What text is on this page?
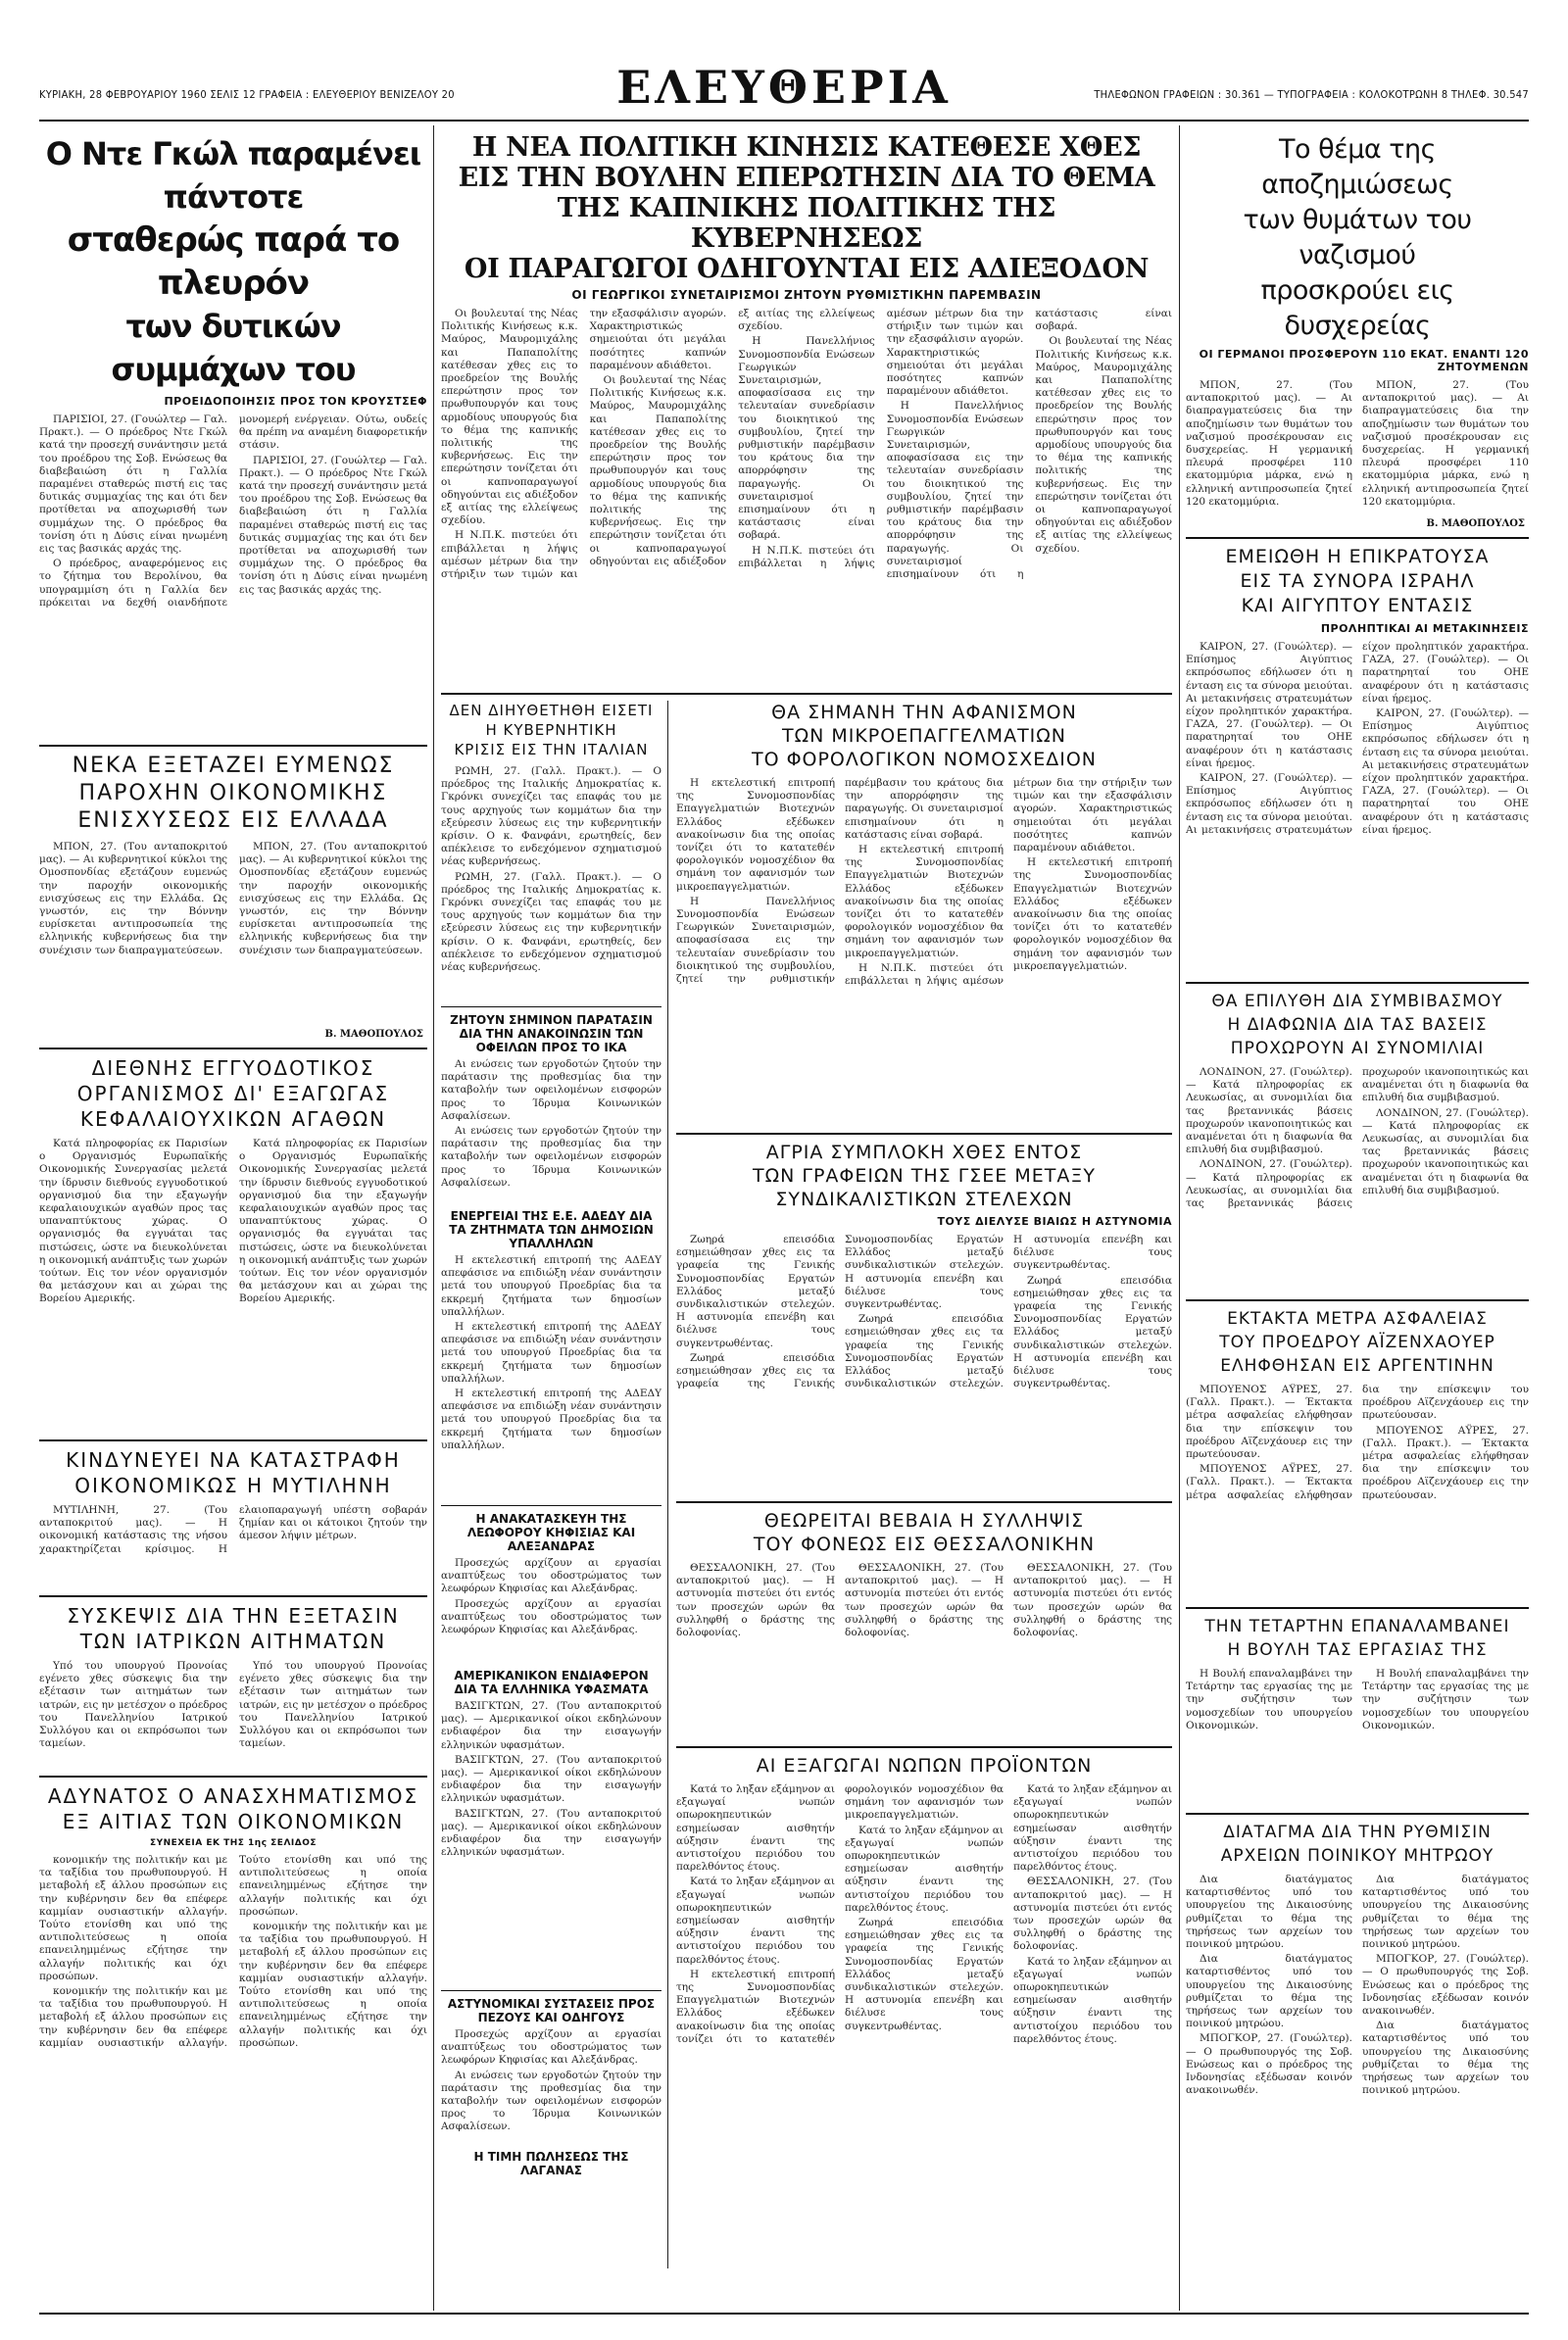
ΚΥΡΙΑΚΗ, 28 ΦΕΒΡΟΥΑΡΙΟΥ 1960 ΣΕΛΙΣ 12 ΓΡΑΦΕΙΑ : ΕΛΕΥΘΕΡΙΟΥ ΒΕΝΙΖΕΛΟΥ 20	ΕΛΕΥΘΕΡΙΑ	ΤΗΛΕΦΩΝΟΝ ΓΡΑΦΕΙΩΝ : 30.361 — ΤΥΠΟΓΡΑΦΕΙΑ : ΚΟΛΟΚΟΤΡΩΝΗ 8 ΤΗΛΕΦ. 30.547
Ο Ντε Γκώλ παραμένει πάντοτε
σταθερώς παρά το πλευρόν
των δυτικών συμμάχων του
ΠΡΟΕΙΔΟΠΟΙΗΣΙΣ ΠΡΟΣ ΤΟΝ ΚΡΟΥΣΤΣΕΦ

ΠΑΡΙΣΙΟΙ, 27. (Γουώλτερ — Γαλ. Πρακτ.). — Ο πρόεδρος Ντε Γκώλ κατά την προσεχή συνάντησιν μετά του προέδρου της Σοβ. Ενώσεως θα διαβεβαιώση ότι η Γαλλία παραμένει σταθερώς πιστή εις τας δυτικάς συμμαχίας της και ότι δεν προτίθεται να αποχωρισθή των συμμάχων της. Ο πρόεδρος θα τονίση ότι η Δύσις είναι ηνωμένη εις τας βασικάς αρχάς της.

Ο πρόεδρος, αναφερόμενος εις το ζήτημα του Βερολίνου, θα υπογραμμίση ότι η Γαλλία δεν πρόκειται να δεχθή οιανδήποτε μονομερή ενέργειαν. Ούτω, ουδείς θα πρέπη να αναμένη διαφορετικήν στάσιν.

ΠΑΡΙΣΙΟΙ, 27. (Γουώλτερ — Γαλ. Πρακτ.). — Ο πρόεδρος Ντε Γκώλ κατά την προσεχή συνάντησιν μετά του προέδρου της Σοβ. Ενώσεως θα διαβεβαιώση ότι η Γαλλία παραμένει σταθερώς πιστή εις τας δυτικάς συμμαχίας της και ότι δεν προτίθεται να αποχωρισθή των συμμάχων της. Ο πρόεδρος θα τονίση ότι η Δύσις είναι ηνωμένη εις τας βασικάς αρχάς της.

ΝΕΚΑ ΕΞΕΤΑΖΕΙ ΕΥΜΕΝΩΣ
ΠΑΡΟΧΗΝ ΟΙΚΟΝΟΜΙΚΗΣ
ΕΝΙΣΧΥΣΕΩΣ ΕΙΣ ΕΛΛΑΔΑ

ΜΠΟΝ, 27. (Του ανταποκριτού μας). — Αι κυβερνητικοί κύκλοι της Ομοσπονδίας εξετάζουν ευμενώς την παροχήν οικονομικής ενισχύσεως εις την Ελλάδα. Ως γνωστόν, εις την Βόννην ευρίσκεται αντιπροσωπεία της ελληνικής κυβερνήσεως δια την συνέχισιν των διαπραγματεύσεων.

ΜΠΟΝ, 27. (Του ανταποκριτού μας). — Αι κυβερνητικοί κύκλοι της Ομοσπονδίας εξετάζουν ευμενώς την παροχήν οικονομικής ενισχύσεως εις την Ελλάδα. Ως γνωστόν, εις την Βόννην ευρίσκεται αντιπροσωπεία της ελληνικής κυβερνήσεως δια την συνέχισιν των διαπραγματεύσεων.

Β. ΜΑΘΟΠΟΥΛΟΣ
ΔΙΕΘΝΗΣ ΕΓΓΥΟΔΟΤΙΚΟΣ
ΟΡΓΑΝΙΣΜΟΣ ΔΙ' ΕΞΑΓΩΓΑΣ
ΚΕΦΑΛΑΙΟΥΧΙΚΩΝ ΑΓΑΘΩΝ

Κατά πληροφορίας εκ Παρισίων ο Οργανισμός Ευρωπαϊκής Οικονομικής Συνεργασίας μελετά την ίδρυσιν διεθνούς εγγυοδοτικού οργανισμού δια την εξαγωγήν κεφαλαιουχικών αγαθών προς τας υπαναπτύκτους χώρας. Ο οργανισμός θα εγγυάται τας πιστώσεις, ώστε να διευκολύνεται η οικονομική ανάπτυξις των χωρών τούτων. Εις τον νέον οργανισμόν θα μετάσχουν και αι χώραι της Βορείου Αμερικής.

Κατά πληροφορίας εκ Παρισίων ο Οργανισμός Ευρωπαϊκής Οικονομικής Συνεργασίας μελετά την ίδρυσιν διεθνούς εγγυοδοτικού οργανισμού δια την εξαγωγήν κεφαλαιουχικών αγαθών προς τας υπαναπτύκτους χώρας. Ο οργανισμός θα εγγυάται τας πιστώσεις, ώστε να διευκολύνεται η οικονομική ανάπτυξις των χωρών τούτων. Εις τον νέον οργανισμόν θα μετάσχουν και αι χώραι της Βορείου Αμερικής.

ΚΙΝΔΥΝΕΥΕΙ ΝΑ ΚΑΤΑΣΤΡΑΦΗ
ΟΙΚΟΝΟΜΙΚΩΣ Η ΜΥΤΙΛΗΝΗ

ΜΥΤΙΛΗΝΗ, 27. (Του ανταποκριτού μας). — Η οικονομική κατάστασις της νήσου χαρακτηρίζεται κρίσιμος. Η ελαιοπαραγωγή υπέστη σοβαράν ζημίαν και οι κάτοικοι ζητούν την άμεσον λήψιν μέτρων.

ΣΥΣΚΕΨΙΣ ΔΙΑ ΤΗΝ ΕΞΕΤΑΣΙΝ
ΤΩΝ ΙΑΤΡΙΚΩΝ ΑΙΤΗΜΑΤΩΝ

Υπό του υπουργού Προνοίας εγένετο χθες σύσκεψις δια την εξέτασιν των αιτημάτων των ιατρών, εις ην μετέσχον ο πρόεδρος του Πανελληνίου Ιατρικού Συλλόγου και οι εκπρόσωποι των ταμείων.

Υπό του υπουργού Προνοίας εγένετο χθες σύσκεψις δια την εξέτασιν των αιτημάτων των ιατρών, εις ην μετέσχον ο πρόεδρος του Πανελληνίου Ιατρικού Συλλόγου και οι εκπρόσωποι των ταμείων.

ΑΔΥΝΑΤΟΣ Ο ΑΝΑΣΧΗΜΑΤΙΣΜΟΣ
ΕΞ ΑΙΤΙΑΣ ΤΩΝ ΟΙΚΟΝΟΜΙΚΩΝ
ΣΥΝΕΧΕΙΑ ΕΚ ΤΗΣ 1ης ΣΕΛΙΔΟΣ

κονομικήν της πολιτικήν και με τα ταξίδια του πρωθυπουργού. Η μεταβολή εξ άλλου προσώπων εις την κυβέρνησιν δεν θα επέφερε καμμίαν ουσιαστικήν αλλαγήν. Τούτο ετονίσθη και υπό της αντιπολιτεύσεως η οποία επανειλημμένως εζήτησε την αλλαγήν πολιτικής και όχι προσώπων.

κονομικήν της πολιτικήν και με τα ταξίδια του πρωθυπουργού. Η μεταβολή εξ άλλου προσώπων εις την κυβέρνησιν δεν θα επέφερε καμμίαν ουσιαστικήν αλλαγήν. Τούτο ετονίσθη και υπό της αντιπολιτεύσεως η οποία επανειλημμένως εζήτησε την αλλαγήν πολιτικής και όχι προσώπων.

κονομικήν της πολιτικήν και με τα ταξίδια του πρωθυπουργού. Η μεταβολή εξ άλλου προσώπων εις την κυβέρνησιν δεν θα επέφερε καμμίαν ουσιαστικήν αλλαγήν. Τούτο ετονίσθη και υπό της αντιπολιτεύσεως η οποία επανειλημμένως εζήτησε την αλλαγήν πολιτικής και όχι προσώπων.

Η ΝΕΑ ΠΟΛΙΤΙΚΗ ΚΙΝΗΣΙΣ ΚΑΤΕΘΕΣΕ ΧΘΕΣ
ΕΙΣ ΤΗΝ ΒΟΥΛΗΝ ΕΠΕΡΩΤΗΣΙΝ ΔΙΑ ΤΟ ΘΕΜΑ
ΤΗΣ ΚΑΠΝΙΚΗΣ ΠΟΛΙΤΙΚΗΣ ΤΗΣ ΚΥΒΕΡΝΗΣΕΩΣ
ΟΙ ΠΑΡΑΓΩΓΟΙ ΟΔΗΓΟΥΝΤΑΙ ΕΙΣ ΑΔΙΕΞΟΔΟΝ
ΟΙ ΓΕΩΡΓΙΚΟΙ ΣΥΝΕΤΑΙΡΙΣΜΟΙ ΖΗΤΟΥΝ ΡΥΘΜΙΣΤΙΚΗΝ ΠΑΡΕΜΒΑΣΙΝ

Οι βουλευταί της Νέας Πολιτικής Κινήσεως κ.κ. Μαύρος, Μαυρομιχάλης και Παπαπολίτης κατέθεσαν χθες εις το προεδρείον της Βουλής επερώτησιν προς τον πρωθυπουργόν και τους αρμοδίους υπουργούς δια το θέμα της καπνικής πολιτικής της κυβερνήσεως. Εις την επερώτησιν τονίζεται ότι οι καπνοπαραγωγοί οδηγούνται εις αδιέξοδον εξ αιτίας της ελλείψεως σχεδίου.

Η Ν.Π.Κ. πιστεύει ότι επιβάλλεται η λήψις αμέσων μέτρων δια την στήριξιν των τιμών και την εξασφάλισιν αγορών. Χαρακτηριστικώς σημειούται ότι μεγάλαι ποσότητες καπνών παραμένουν αδιάθετοι.

Οι βουλευταί της Νέας Πολιτικής Κινήσεως κ.κ. Μαύρος, Μαυρομιχάλης και Παπαπολίτης κατέθεσαν χθες εις το προεδρείον της Βουλής επερώτησιν προς τον πρωθυπουργόν και τους αρμοδίους υπουργούς δια το θέμα της καπνικής πολιτικής της κυβερνήσεως. Εις την επερώτησιν τονίζεται ότι οι καπνοπαραγωγοί οδηγούνται εις αδιέξοδον εξ αιτίας της ελλείψεως σχεδίου.

Η Πανελλήνιος Συνομοσπονδία Ενώσεων Γεωργικών Συνεταιρισμών, αποφασίσασα εις την τελευταίαν συνεδρίασιν του διοικητικού της συμβουλίου, ζητεί την ρυθμιστικήν παρέμβασιν του κράτους δια την απορρόφησιν της παραγωγής. Οι συνεταιρισμοί επισημαίνουν ότι η κατάστασις είναι σοβαρά.

Η Ν.Π.Κ. πιστεύει ότι επιβάλλεται η λήψις αμέσων μέτρων δια την στήριξιν των τιμών και την εξασφάλισιν αγορών. Χαρακτηριστικώς σημειούται ότι μεγάλαι ποσότητες καπνών παραμένουν αδιάθετοι.

Η Πανελλήνιος Συνομοσπονδία Ενώσεων Γεωργικών Συνεταιρισμών, αποφασίσασα εις την τελευταίαν συνεδρίασιν του διοικητικού της συμβουλίου, ζητεί την ρυθμιστικήν παρέμβασιν του κράτους δια την απορρόφησιν της παραγωγής. Οι συνεταιρισμοί επισημαίνουν ότι η κατάστασις είναι σοβαρά.

Οι βουλευταί της Νέας Πολιτικής Κινήσεως κ.κ. Μαύρος, Μαυρομιχάλης και Παπαπολίτης κατέθεσαν χθες εις το προεδρείον της Βουλής επερώτησιν προς τον πρωθυπουργόν και τους αρμοδίους υπουργούς δια το θέμα της καπνικής πολιτικής της κυβερνήσεως. Εις την επερώτησιν τονίζεται ότι οι καπνοπαραγωγοί οδηγούνται εις αδιέξοδον εξ αιτίας της ελλείψεως σχεδίου.

ΔΕΝ ΔΙΗΥΘΕΤΗΘΗ ΕΙΣΕΤΙ
Η ΚΥΒΕΡΝΗΤΙΚΗ
ΚΡΙΣΙΣ ΕΙΣ ΤΗΝ ΙΤΑΛΙΑΝ

ΡΩΜΗ, 27. (Γαλλ. Πρακτ.). — Ο πρόεδρος της Ιταλικής Δημοκρατίας κ. Γκρόνκι συνεχίζει τας επαφάς του με τους αρχηγούς των κομμάτων δια την εξεύρεσιν λύσεως εις την κυβερνητικήν κρίσιν. Ο κ. Φανφάνι, ερωτηθείς, δεν απέκλεισε το ενδεχόμενον σχηματισμού νέας κυβερνήσεως.

ΡΩΜΗ, 27. (Γαλλ. Πρακτ.). — Ο πρόεδρος της Ιταλικής Δημοκρατίας κ. Γκρόνκι συνεχίζει τας επαφάς του με τους αρχηγούς των κομμάτων δια την εξεύρεσιν λύσεως εις την κυβερνητικήν κρίσιν. Ο κ. Φανφάνι, ερωτηθείς, δεν απέκλεισε το ενδεχόμενον σχηματισμού νέας κυβερνήσεως.

ΖΗΤΟΥΝ ΣΗΜΙΝΟΝ ΠΑΡΑΤΑΣΙΝ ΔΙΑ ΤΗΝ ΑΝΑΚΟΙΝΩΣΙΝ ΤΩΝ ΟΦΕΙΛΩΝ ΠΡΟΣ ΤΟ ΙΚΑ

Αι ενώσεις των εργοδοτών ζητούν την παράτασιν της προθεσμίας δια την καταβολήν των οφειλομένων εισφορών προς το Ίδρυμα Κοινωνικών Ασφαλίσεων.

Αι ενώσεις των εργοδοτών ζητούν την παράτασιν της προθεσμίας δια την καταβολήν των οφειλομένων εισφορών προς το Ίδρυμα Κοινωνικών Ασφαλίσεων.

ΕΝΕΡΓΕΙΑΙ ΤΗΣ Ε.Ε. ΑΔΕΔΥ ΔΙΑ ΤΑ ΖΗΤΗΜΑΤΑ ΤΩΝ ΔΗΜΟΣΙΩΝ ΥΠΑΛΛΗΛΩΝ

Η εκτελεστική επιτροπή της ΑΔΕΔΥ απεφάσισε να επιδιώξη νέαν συνάντησιν μετά του υπουργού Προεδρίας δια τα εκκρεμή ζητήματα των δημοσίων υπαλλήλων.

Η εκτελεστική επιτροπή της ΑΔΕΔΥ απεφάσισε να επιδιώξη νέαν συνάντησιν μετά του υπουργού Προεδρίας δια τα εκκρεμή ζητήματα των δημοσίων υπαλλήλων.

Η εκτελεστική επιτροπή της ΑΔΕΔΥ απεφάσισε να επιδιώξη νέαν συνάντησιν μετά του υπουργού Προεδρίας δια τα εκκρεμή ζητήματα των δημοσίων υπαλλήλων.

Η ΑΝΑΚΑΤΑΣΚΕΥΗ ΤΗΣ ΛΕΩΦΟΡΟΥ ΚΗΦΙΣΙΑΣ ΚΑΙ ΑΛΕΞΑΝΔΡΑΣ

Προσεχώς αρχίζουν αι εργασίαι αναπτύξεως του οδοστρώματος των λεωφόρων Κηφισίας και Αλεξάνδρας.

Προσεχώς αρχίζουν αι εργασίαι αναπτύξεως του οδοστρώματος των λεωφόρων Κηφισίας και Αλεξάνδρας.

ΑΜΕΡΙΚΑΝΙΚΟΝ ΕΝΔΙΑΦΕΡΟΝ ΔΙΑ ΤΑ ΕΛΛΗΝΙΚΑ ΥΦΑΣΜΑΤΑ

ΒΑΣΙΓΚΤΩΝ, 27. (Του ανταποκριτού μας). — Αμερικανικοί οίκοι εκδηλώνουν ενδιαφέρον δια την εισαγωγήν ελληνικών υφασμάτων.

ΒΑΣΙΓΚΤΩΝ, 27. (Του ανταποκριτού μας). — Αμερικανικοί οίκοι εκδηλώνουν ενδιαφέρον δια την εισαγωγήν ελληνικών υφασμάτων.

ΒΑΣΙΓΚΤΩΝ, 27. (Του ανταποκριτού μας). — Αμερικανικοί οίκοι εκδηλώνουν ενδιαφέρον δια την εισαγωγήν ελληνικών υφασμάτων.

ΑΣΤΥΝΟΜΙΚΑΙ ΣΥΣΤΑΣΕΙΣ ΠΡΟΣ ΠΕΖΟΥΣ ΚΑΙ ΟΔΗΓΟΥΣ

Προσεχώς αρχίζουν αι εργασίαι αναπτύξεως του οδοστρώματος των λεωφόρων Κηφισίας και Αλεξάνδρας.

Αι ενώσεις των εργοδοτών ζητούν την παράτασιν της προθεσμίας δια την καταβολήν των οφειλομένων εισφορών προς το Ίδρυμα Κοινωνικών Ασφαλίσεων.

Η ΤΙΜΗ ΠΩΛΗΣΕΩΣ ΤΗΣ ΛΑΓΑΝΑΣ
ΘΑ ΣΗΜΑΝΗ ΤΗΝ ΑΦΑΝΙΣΜΟΝ
ΤΩΝ ΜΙΚΡΟΕΠΑΓΓΕΛΜΑΤΙΩΝ
ΤΟ ΦΟΡΟΛΟΓΙΚΟΝ ΝΟΜΟΣΧΕΔΙΟΝ

Η εκτελεστική επιτροπή της Συνομοσπονδίας Επαγγελματιών Βιοτεχνών Ελλάδος εξέδωκεν ανακοίνωσιν δια της οποίας τονίζει ότι το κατατεθέν φορολογικόν νομοσχέδιον θα σημάνη τον αφανισμόν των μικροεπαγγελματιών.

Η Πανελλήνιος Συνομοσπονδία Ενώσεων Γεωργικών Συνεταιρισμών, αποφασίσασα εις την τελευταίαν συνεδρίασιν του διοικητικού της συμβουλίου, ζητεί την ρυθμιστικήν παρέμβασιν του κράτους δια την απορρόφησιν της παραγωγής. Οι συνεταιρισμοί επισημαίνουν ότι η κατάστασις είναι σοβαρά.

Η εκτελεστική επιτροπή της Συνομοσπονδίας Επαγγελματιών Βιοτεχνών Ελλάδος εξέδωκεν ανακοίνωσιν δια της οποίας τονίζει ότι το κατατεθέν φορολογικόν νομοσχέδιον θα σημάνη τον αφανισμόν των μικροεπαγγελματιών.

Η Ν.Π.Κ. πιστεύει ότι επιβάλλεται η λήψις αμέσων μέτρων δια την στήριξιν των τιμών και την εξασφάλισιν αγορών. Χαρακτηριστικώς σημειούται ότι μεγάλαι ποσότητες καπνών παραμένουν αδιάθετοι.

Η εκτελεστική επιτροπή της Συνομοσπονδίας Επαγγελματιών Βιοτεχνών Ελλάδος εξέδωκεν ανακοίνωσιν δια της οποίας τονίζει ότι το κατατεθέν φορολογικόν νομοσχέδιον θα σημάνη τον αφανισμόν των μικροεπαγγελματιών.

ΑΓΡΙΑ ΣΥΜΠΛΟΚΗ ΧΘΕΣ ΕΝΤΟΣ
ΤΩΝ ΓΡΑΦΕΙΩΝ ΤΗΣ ΓΣΕΕ ΜΕΤΑΞΥ
ΣΥΝΔΙΚΑΛΙΣΤΙΚΩΝ ΣΤΕΛΕΧΩΝ
ΤΟΥΣ ΔΙΕΛΥΣΕ ΒΙΑΙΩΣ Η ΑΣΤΥΝΟΜΙΑ

Ζωηρά επεισόδια εσημειώθησαν χθες εις τα γραφεία της Γενικής Συνομοσπονδίας Εργατών Ελλάδος μεταξύ συνδικαλιστικών στελεχών. Η αστυνομία επενέβη και διέλυσε τους συγκεντρωθέντας.

Ζωηρά επεισόδια εσημειώθησαν χθες εις τα γραφεία της Γενικής Συνομοσπονδίας Εργατών Ελλάδος μεταξύ συνδικαλιστικών στελεχών. Η αστυνομία επενέβη και διέλυσε τους συγκεντρωθέντας.

Ζωηρά επεισόδια εσημειώθησαν χθες εις τα γραφεία της Γενικής Συνομοσπονδίας Εργατών Ελλάδος μεταξύ συνδικαλιστικών στελεχών. Η αστυνομία επενέβη και διέλυσε τους συγκεντρωθέντας.

Ζωηρά επεισόδια εσημειώθησαν χθες εις τα γραφεία της Γενικής Συνομοσπονδίας Εργατών Ελλάδος μεταξύ συνδικαλιστικών στελεχών. Η αστυνομία επενέβη και διέλυσε τους συγκεντρωθέντας.

ΘΕΩΡΕΙΤΑΙ ΒΕΒΑΙΑ Η ΣΥΛΛΗΨΙΣ
ΤΟΥ ΦΟΝΕΩΣ ΕΙΣ ΘΕΣΣΑΛΟΝΙΚΗΝ

ΘΕΣΣΑΛΟΝΙΚΗ, 27. (Του ανταποκριτού μας). — Η αστυνομία πιστεύει ότι εντός των προσεχών ωρών θα συλληφθή ο δράστης της δολοφονίας.

ΘΕΣΣΑΛΟΝΙΚΗ, 27. (Του ανταποκριτού μας). — Η αστυνομία πιστεύει ότι εντός των προσεχών ωρών θα συλληφθή ο δράστης της δολοφονίας.

ΘΕΣΣΑΛΟΝΙΚΗ, 27. (Του ανταποκριτού μας). — Η αστυνομία πιστεύει ότι εντός των προσεχών ωρών θα συλληφθή ο δράστης της δολοφονίας.

ΑΙ ΕΞΑΓΩΓΑΙ ΝΩΠΩΝ ΠΡΟΪΟΝΤΩΝ

Κατά το ληξαν εξάμηνον αι εξαγωγαί νωπών οπωροκηπευτικών εσημείωσαν αισθητήν αύξησιν έναντι της αντιστοίχου περιόδου του παρελθόντος έτους.

Κατά το ληξαν εξάμηνον αι εξαγωγαί νωπών οπωροκηπευτικών εσημείωσαν αισθητήν αύξησιν έναντι της αντιστοίχου περιόδου του παρελθόντος έτους.

Η εκτελεστική επιτροπή της Συνομοσπονδίας Επαγγελματιών Βιοτεχνών Ελλάδος εξέδωκεν ανακοίνωσιν δια της οποίας τονίζει ότι το κατατεθέν φορολογικόν νομοσχέδιον θα σημάνη τον αφανισμόν των μικροεπαγγελματιών.

Κατά το ληξαν εξάμηνον αι εξαγωγαί νωπών οπωροκηπευτικών εσημείωσαν αισθητήν αύξησιν έναντι της αντιστοίχου περιόδου του παρελθόντος έτους.

Ζωηρά επεισόδια εσημειώθησαν χθες εις τα γραφεία της Γενικής Συνομοσπονδίας Εργατών Ελλάδος μεταξύ συνδικαλιστικών στελεχών. Η αστυνομία επενέβη και διέλυσε τους συγκεντρωθέντας.

Κατά το ληξαν εξάμηνον αι εξαγωγαί νωπών οπωροκηπευτικών εσημείωσαν αισθητήν αύξησιν έναντι της αντιστοίχου περιόδου του παρελθόντος έτους.

ΘΕΣΣΑΛΟΝΙΚΗ, 27. (Του ανταποκριτού μας). — Η αστυνομία πιστεύει ότι εντός των προσεχών ωρών θα συλληφθή ο δράστης της δολοφονίας.

Κατά το ληξαν εξάμηνον αι εξαγωγαί νωπών οπωροκηπευτικών εσημείωσαν αισθητήν αύξησιν έναντι της αντιστοίχου περιόδου του παρελθόντος έτους.

Το θέμα της αποζημιώσεως
των θυμάτων του ναζισμού
προσκρούει εις δυσχερείας
ΟΙ ΓΕΡΜΑΝΟΙ ΠΡΟΣΦΕΡΟΥΝ 110 ΕΚΑΤ. ΕΝΑΝΤΙ 120 ΖΗΤΟΥΜΕΝΩΝ

ΜΠΟΝ, 27. (Του ανταποκριτού μας). — Αι διαπραγματεύσεις δια την αποζημίωσιν των θυμάτων του ναζισμού προσέκρουσαν εις δυσχερείας. Η γερμανική πλευρά προσφέρει 110 εκατομμύρια μάρκα, ενώ η ελληνική αντιπροσωπεία ζητεί 120 εκατομμύρια.

ΜΠΟΝ, 27. (Του ανταποκριτού μας). — Αι διαπραγματεύσεις δια την αποζημίωσιν των θυμάτων του ναζισμού προσέκρουσαν εις δυσχερείας. Η γερμανική πλευρά προσφέρει 110 εκατομμύρια μάρκα, ενώ η ελληνική αντιπροσωπεία ζητεί 120 εκατομμύρια.

Β. ΜΑΘΟΠΟΥΛΟΣ
ΕΜΕΙΩΘΗ Η ΕΠΙΚΡΑΤΟΥΣΑ
ΕΙΣ ΤΑ ΣΥΝΟΡΑ ΙΣΡΑΗΛ
ΚΑΙ ΑΙΓΥΠΤΟΥ ΕΝΤΑΣΙΣ
ΠΡΟΛΗΠΤΙΚΑΙ ΑΙ ΜΕΤΑΚΙΝΗΣΕΙΣ

ΚΑΙΡΟΝ, 27. (Γουώλτερ). — Επίσημος Αιγύπτιος εκπρόσωπος εδήλωσεν ότι η ένταση εις τα σύνορα μειούται. Αι μετακινήσεις στρατευμάτων είχον προληπτικόν χαρακτήρα. ΓΑΖΑ, 27. (Γουώλτερ). — Οι παρατηρηταί του ΟΗΕ αναφέρουν ότι η κατάστασις είναι ήρεμος.

ΚΑΙΡΟΝ, 27. (Γουώλτερ). — Επίσημος Αιγύπτιος εκπρόσωπος εδήλωσεν ότι η ένταση εις τα σύνορα μειούται. Αι μετακινήσεις στρατευμάτων είχον προληπτικόν χαρακτήρα. ΓΑΖΑ, 27. (Γουώλτερ). — Οι παρατηρηταί του ΟΗΕ αναφέρουν ότι η κατάστασις είναι ήρεμος.

ΚΑΙΡΟΝ, 27. (Γουώλτερ). — Επίσημος Αιγύπτιος εκπρόσωπος εδήλωσεν ότι η ένταση εις τα σύνορα μειούται. Αι μετακινήσεις στρατευμάτων είχον προληπτικόν χαρακτήρα. ΓΑΖΑ, 27. (Γουώλτερ). — Οι παρατηρηταί του ΟΗΕ αναφέρουν ότι η κατάστασις είναι ήρεμος.

ΘΑ ΕΠΙΛΥΘΗ ΔΙΑ ΣΥΜΒΙΒΑΣΜΟΥ
Η ΔΙΑΦΩΝΙΑ ΔΙΑ ΤΑΣ ΒΑΣΕΙΣ
ΠΡΟΧΩΡΟΥΝ ΑΙ ΣΥΝΟΜΙΛΙΑΙ

ΛΟΝΔΙΝΟΝ, 27. (Γουώλτερ). — Κατά πληροφορίας εκ Λευκωσίας, αι συνομιλίαι δια τας βρεταννικάς βάσεις προχωρούν ικανοποιητικώς και αναμένεται ότι η διαφωνία θα επιλυθή δια συμβιβασμού.

ΛΟΝΔΙΝΟΝ, 27. (Γουώλτερ). — Κατά πληροφορίας εκ Λευκωσίας, αι συνομιλίαι δια τας βρεταννικάς βάσεις προχωρούν ικανοποιητικώς και αναμένεται ότι η διαφωνία θα επιλυθή δια συμβιβασμού.

ΛΟΝΔΙΝΟΝ, 27. (Γουώλτερ). — Κατά πληροφορίας εκ Λευκωσίας, αι συνομιλίαι δια τας βρεταννικάς βάσεις προχωρούν ικανοποιητικώς και αναμένεται ότι η διαφωνία θα επιλυθή δια συμβιβασμού.

ΕΚΤΑΚΤΑ ΜΕΤΡΑ ΑΣΦΑΛΕΙΑΣ
ΤΟΥ ΠΡΟΕΔΡΟΥ ΑΪΖΕΝΧΑΟΥΕΡ
ΕΛΗΦΘΗΣΑΝ ΕΙΣ ΑΡΓΕΝΤΙΝΗΝ

ΜΠΟΥΕΝΟΣ ΑΫΡΕΣ, 27. (Γαλλ. Πρακτ.). — Έκτακτα μέτρα ασφαλείας ελήφθησαν δια την επίσκεψιν του προέδρου Αϊζενχάουερ εις την πρωτεύουσαν.

ΜΠΟΥΕΝΟΣ ΑΫΡΕΣ, 27. (Γαλλ. Πρακτ.). — Έκτακτα μέτρα ασφαλείας ελήφθησαν δια την επίσκεψιν του προέδρου Αϊζενχάουερ εις την πρωτεύουσαν.

ΜΠΟΥΕΝΟΣ ΑΫΡΕΣ, 27. (Γαλλ. Πρακτ.). — Έκτακτα μέτρα ασφαλείας ελήφθησαν δια την επίσκεψιν του προέδρου Αϊζενχάουερ εις την πρωτεύουσαν.

ΤΗΝ ΤΕΤΑΡΤΗΝ ΕΠΑΝΑΛΑΜΒΑΝΕΙ
Η ΒΟΥΛΗ ΤΑΣ ΕΡΓΑΣΙΑΣ ΤΗΣ

Η Βουλή επαναλαμβάνει την Τετάρτην τας εργασίας της με την συζήτησιν των νομοσχεδίων του υπουργείου Οικονομικών.

Η Βουλή επαναλαμβάνει την Τετάρτην τας εργασίας της με την συζήτησιν των νομοσχεδίων του υπουργείου Οικονομικών.

ΔΙΑΤΑΓΜΑ ΔΙΑ ΤΗΝ ΡΥΘΜΙΣΙΝ
ΑΡΧΕΙΩΝ ΠΟΙΝΙΚΟΥ ΜΗΤΡΩΟΥ

Δια διατάγματος καταρτισθέντος υπό του υπουργείου της Δικαιοσύνης ρυθμίζεται το θέμα της τηρήσεως των αρχείων του ποινικού μητρώου.

Δια διατάγματος καταρτισθέντος υπό του υπουργείου της Δικαιοσύνης ρυθμίζεται το θέμα της τηρήσεως των αρχείων του ποινικού μητρώου.

ΜΠΟΓΚΟΡ, 27. (Γουώλτερ). — Ο πρωθυπουργός της Σοβ. Ενώσεως και ο πρόεδρος της Ινδονησίας εξέδωσαν κοινόν ανακοινωθέν.

Δια διατάγματος καταρτισθέντος υπό του υπουργείου της Δικαιοσύνης ρυθμίζεται το θέμα της τηρήσεως των αρχείων του ποινικού μητρώου.

ΜΠΟΓΚΟΡ, 27. (Γουώλτερ). — Ο πρωθυπουργός της Σοβ. Ενώσεως και ο πρόεδρος της Ινδονησίας εξέδωσαν κοινόν ανακοινωθέν.

Δια διατάγματος καταρτισθέντος υπό του υπουργείου της Δικαιοσύνης ρυθμίζεται το θέμα της τηρήσεως των αρχείων του ποινικού μητρώου.
